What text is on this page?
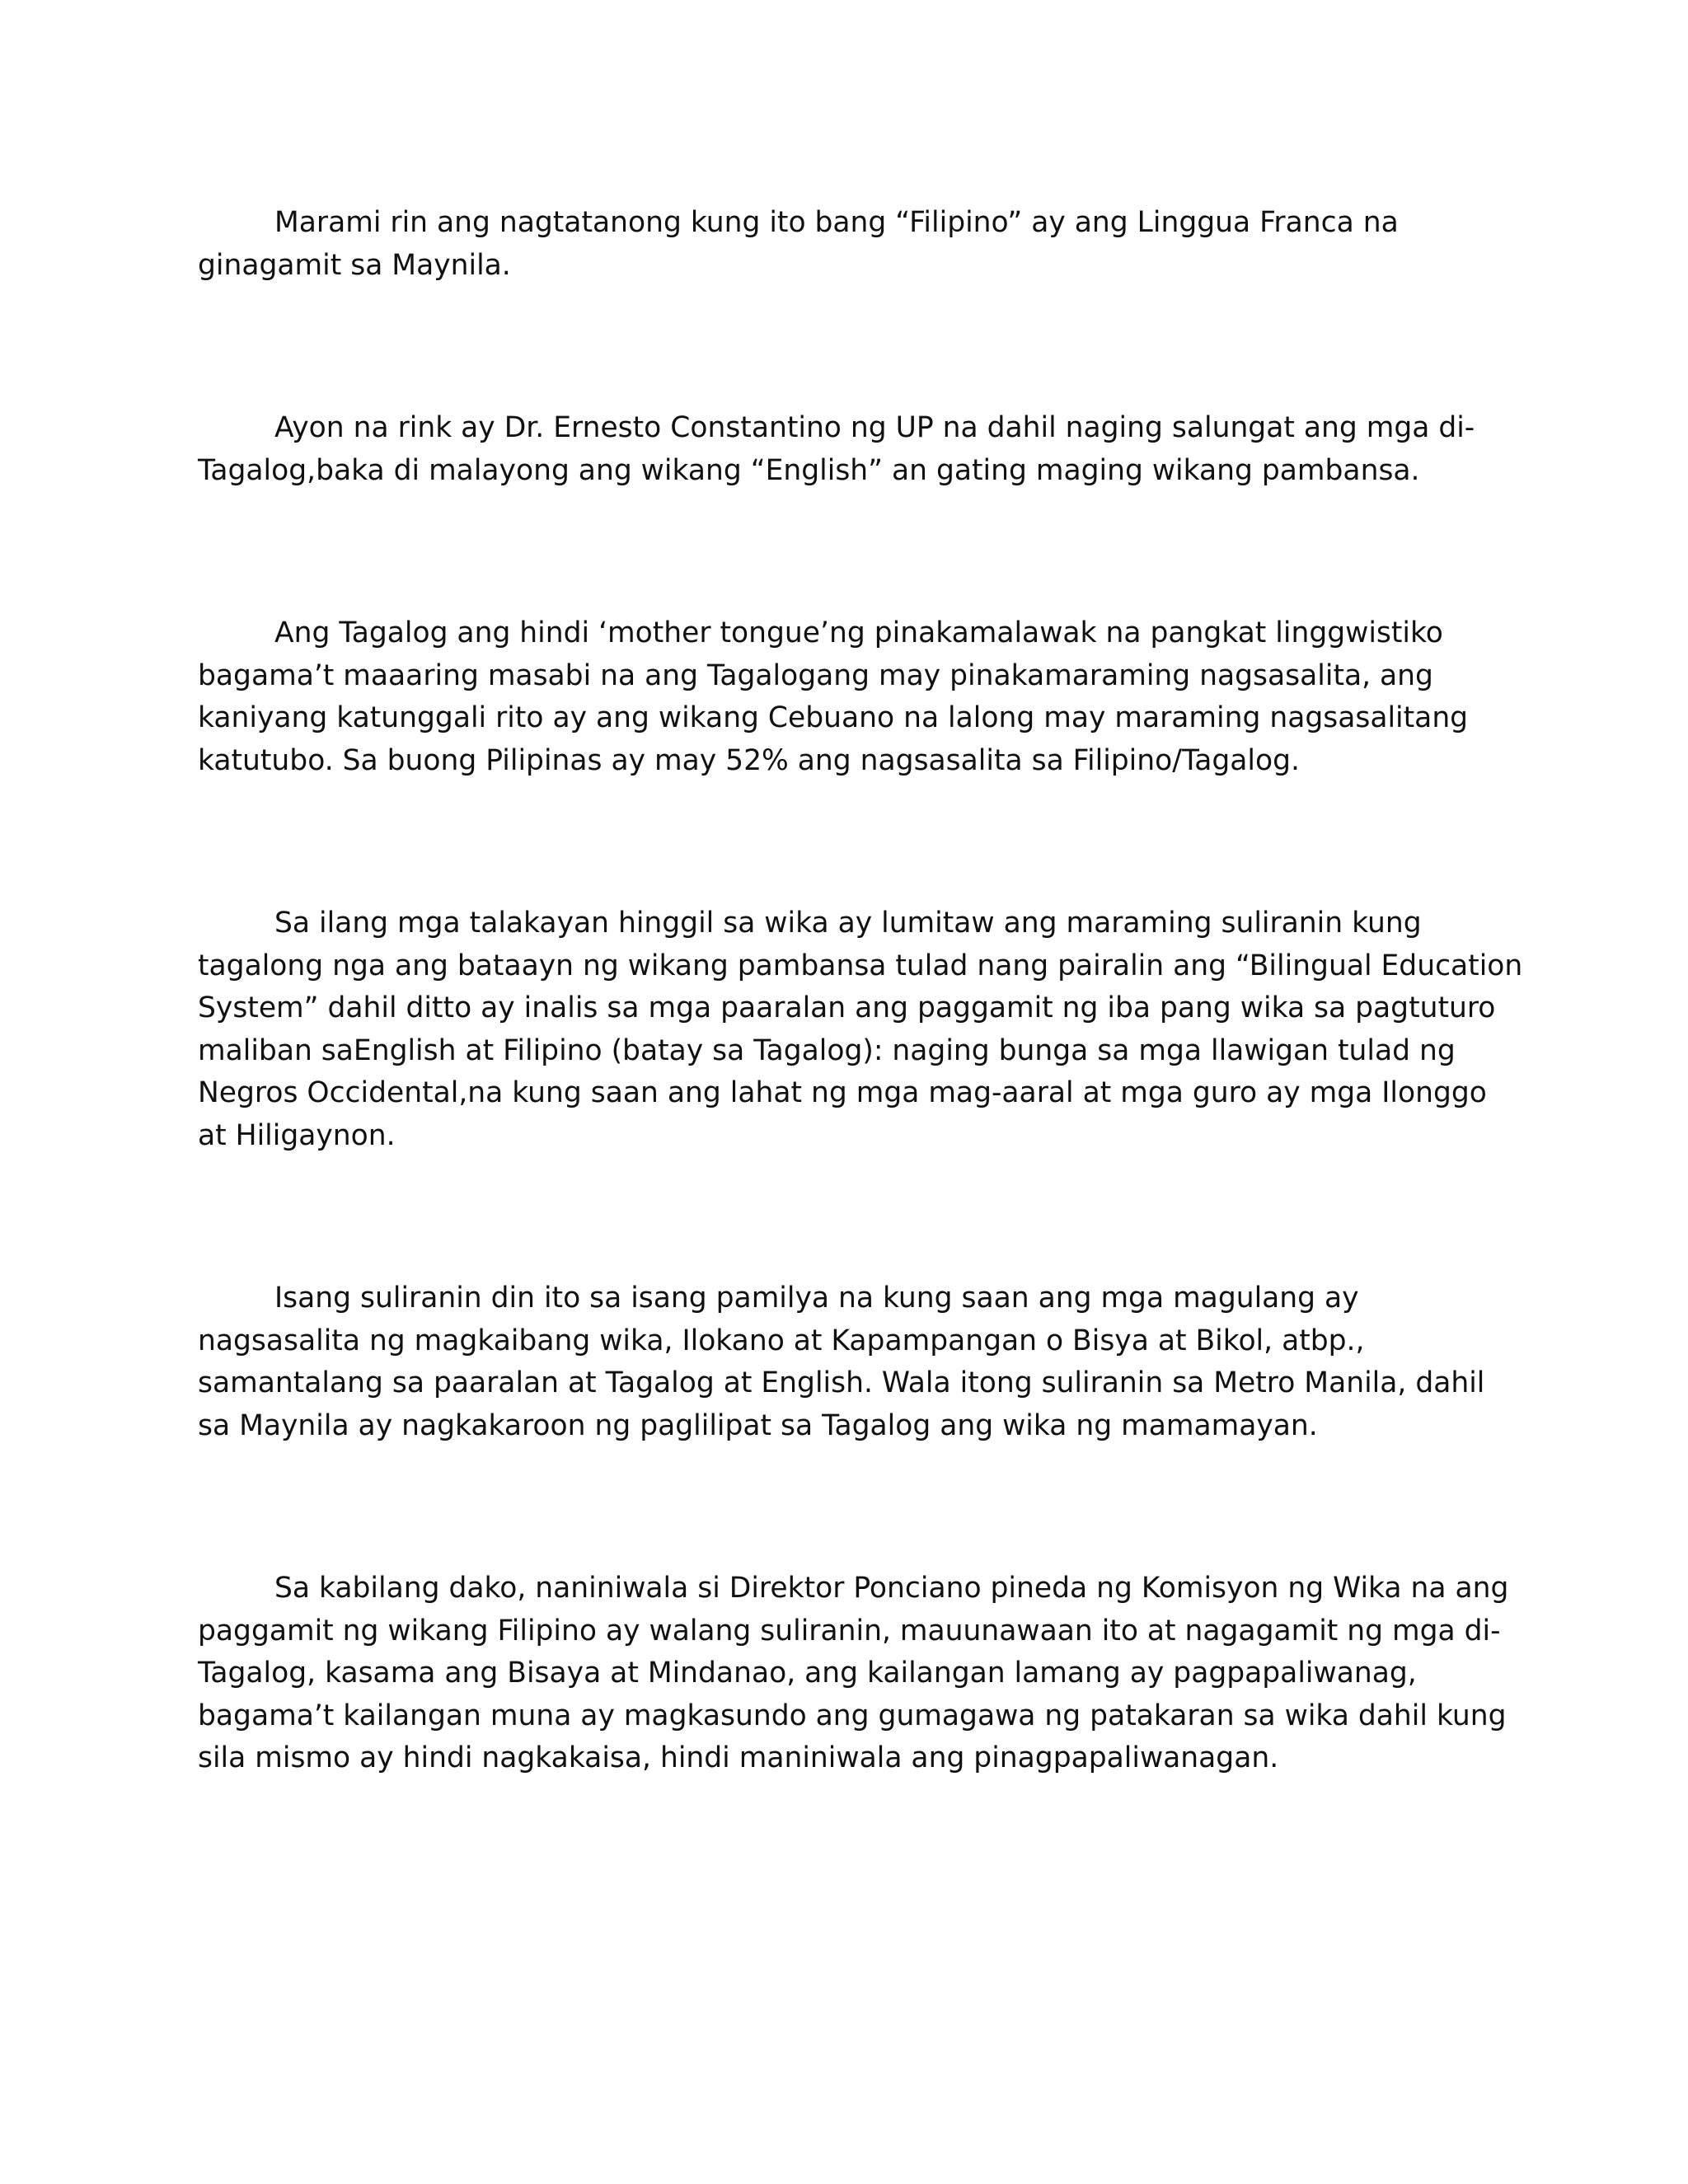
Marami rin ang nagtatanong kung ito bang “Filipino” ay ang Linggua Franca na
ginagamit sa Maynila.

Ayon na rink ay Dr. Ernesto Constantino ng UP na dahil naging salungat ang mga di-
Tagalog,baka di malayong ang wikang “English” an gating maging wikang pambansa.

Ang Tagalog ang hindi ‘mother tongue’ng pinakamalawak na pangkat linggwistiko
bagama’t maaaring masabi na ang Tagalogang may pinakamaraming nagsasalita, ang
kaniyang katunggali rito ay ang wikang Cebuano na lalong may maraming nagsasalitang
katutubo. Sa buong Pilipinas ay may 52% ang nagsasalita sa Filipino/Tagalog.

Sa ilang mga talakayan hinggil sa wika ay lumitaw ang maraming suliranin kung
tagalong nga ang bataayn ng wikang pambansa tulad nang pairalin ang “Bilingual Education
System” dahil ditto ay inalis sa mga paaralan ang paggamit ng iba pang wika sa pagtuturo
maliban saEnglish at Filipino (batay sa Tagalog): naging bunga sa mga llawigan tulad ng
Negros Occidental,na kung saan ang lahat ng mga mag-aaral at mga guro ay mga Ilonggo
at Hiligaynon.

Isang suliranin din ito sa isang pamilya na kung saan ang mga magulang ay
nagsasalita ng magkaibang wika, Ilokano at Kapampangan o Bisya at Bikol, atbp.,
samantalang sa paaralan at Tagalog at English. Wala itong suliranin sa Metro Manila, dahil
sa Maynila ay nagkakaroon ng paglilipat sa Tagalog ang wika ng mamamayan.

Sa kabilang dako, naniniwala si Direktor Ponciano pineda ng Komisyon ng Wika na ang
paggamit ng wikang Filipino ay walang suliranin, mauunawaan ito at nagagamit ng mga di-
Tagalog, kasama ang Bisaya at Mindanao, ang kailangan lamang ay pagpapaliwanag,
bagama’t kailangan muna ay magkasundo ang gumagawa ng patakaran sa wika dahil kung
sila mismo ay hindi nagkakaisa, hindi maniniwala ang pinagpapaliwanagan.
